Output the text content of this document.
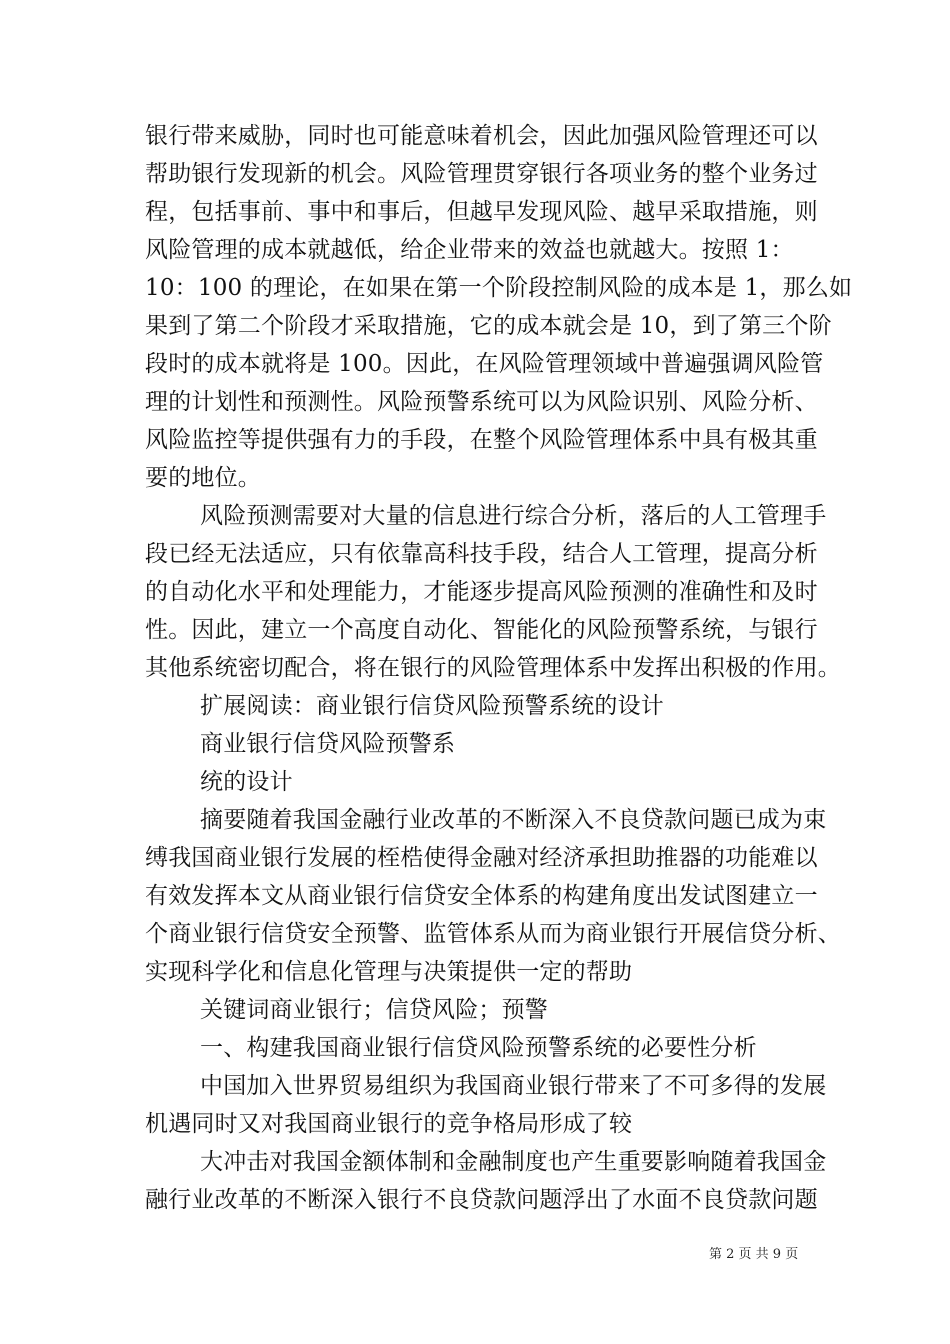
银行带来威胁，同时也可能意味着机会，因此加强风险管理还可以
帮助银行发现新的机会。风险管理贯穿银行各项业务的整个业务过
程，包括事前、事中和事后，但越早发现风险、越早采取措施，则
风险管理的成本就越低，给企业带来的效益也就越大。按照 1：
10：100 的理论，在如果在第一个阶段控制风险的成本是 1，那么如
果到了第二个阶段才采取措施，它的成本就会是 10，到了第三个阶
段时的成本就将是 100。因此，在风险管理领域中普遍强调风险管
理的计划性和预测性。风险预警系统可以为风险识别、风险分析、
风险监控等提供强有力的手段，在整个风险管理体系中具有极其重
要的地位。
风险预测需要对大量的信息进行综合分析，落后的人工管理手
段已经无法适应，只有依靠高科技手段，结合人工管理，提高分析
的自动化水平和处理能力，才能逐步提高风险预测的准确性和及时
性。因此，建立一个高度自动化、智能化的风险预警系统，与银行
其他系统密切配合，将在银行的风险管理体系中发挥出积极的作用。
扩展阅读：商业银行信贷风险预警系统的设计
商业银行信贷风险预警系
统的设计
摘要随着我国金融行业改革的不断深入不良贷款问题已成为束
缚我国商业银行发展的桎梏使得金融对经济承担助推器的功能难以
有效发挥本文从商业银行信贷安全体系的构建角度出发试图建立一
个商业银行信贷安全预警、监管体系从而为商业银行开展信贷分析、
实现科学化和信息化管理与决策提供一定的帮助
关键词商业银行；信贷风险；预警
一、构建我国商业银行信贷风险预警系统的必要性分析
中国加入世界贸易组织为我国商业银行带来了不可多得的发展
机遇同时又对我国商业银行的竞争格局形成了较
大冲击对我国金额体制和金融制度也产生重要影响随着我国金
融行业改革的不断深入银行不良贷款问题浮出了水面不良贷款问题
第 2 页 共 9 页
